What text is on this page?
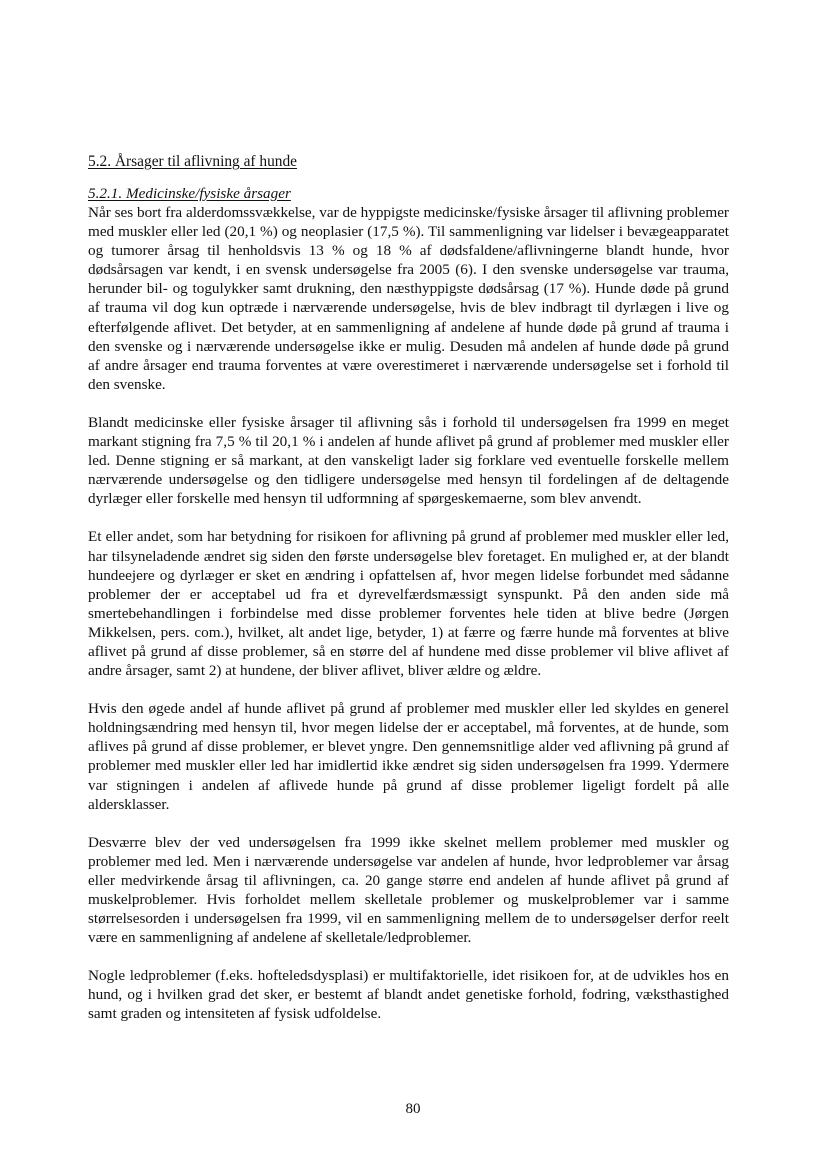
5.2. Årsager til aflivning af hunde
5.2.1. Medicinske/fysiske årsager

Når ses bort fra alderdomssvækkelse, var de hyppigste medicinske/fysiske årsager til aflivning problemer med muskler eller led (20,1 %) og neoplasier (17,5 %). Til sammenligning var lidelser i bevægeapparatet og tumorer årsag til henholdsvis 13 % og 18 % af dødsfaldene/aflivningerne blandt hunde, hvor dødsårsagen var kendt, i en svensk undersøgelse fra 2005 (6). I den svenske undersøgelse var trauma, herunder bil- og togulykker samt drukning, den næsthyppigste dødsårsag (17 %). Hunde døde på grund af trauma vil dog kun optræde i nærværende undersøgelse, hvis de blev indbragt til dyrlægen i live og efterfølgende aflivet. Det betyder, at en sammenligning af andelene af hunde døde på grund af trauma i den svenske og i nærværende undersøgelse ikke er mulig. Desuden må andelen af hunde døde på grund af andre årsager end trauma forventes at være overestimeret i nærværende undersøgelse set i forhold til den svenske.

Blandt medicinske eller fysiske årsager til aflivning sås i forhold til undersøgelsen fra 1999 en meget markant stigning fra 7,5 % til 20,1 % i andelen af hunde aflivet på grund af problemer med muskler eller led. Denne stigning er så markant, at den vanskeligt lader sig forklare ved eventuelle forskelle mellem nærværende undersøgelse og den tidligere undersøgelse med hensyn til fordelingen af de deltagende dyrlæger eller forskelle med hensyn til udformning af spørgeskemaerne, som blev anvendt.

Et eller andet, som har betydning for risikoen for aflivning på grund af problemer med muskler eller led, har tilsyneladende ændret sig siden den første undersøgelse blev foretaget. En mulighed er, at der blandt hundeejere og dyrlæger er sket en ændring i opfattelsen af, hvor megen lidelse forbundet med sådanne problemer der er acceptabel ud fra et dyrevelfærdsmæssigt synspunkt. På den anden side må smertebehandlingen i forbindelse med disse problemer forventes hele tiden at blive bedre (Jørgen Mikkelsen, pers. com.), hvilket, alt andet lige, betyder, 1) at færre og færre hunde må forventes at blive aflivet på grund af disse problemer, så en større del af hundene med disse problemer vil blive aflivet af andre årsager, samt 2) at hundene, der bliver aflivet, bliver ældre og ældre.

Hvis den øgede andel af hunde aflivet på grund af problemer med muskler eller led skyldes en generel holdningsændring med hensyn til, hvor megen lidelse der er acceptabel, må forventes, at de hunde, som aflives på grund af disse problemer, er blevet yngre. Den gennemsnitlige alder ved aflivning på grund af problemer med muskler eller led har imidlertid ikke ændret sig siden undersøgelsen fra 1999. Ydermere var stigningen i andelen af aflivede hunde på grund af disse problemer ligeligt fordelt på alle aldersklasser.

Desværre blev der ved undersøgelsen fra 1999 ikke skelnet mellem problemer med muskler og problemer med led. Men i nærværende undersøgelse var andelen af hunde, hvor ledproblemer var årsag eller medvirkende årsag til aflivningen, ca. 20 gange større end andelen af hunde aflivet på grund af muskelproblemer. Hvis forholdet mellem skelletale problemer og muskelproblemer var i samme størrelsesorden i undersøgelsen fra 1999, vil en sammenligning mellem de to undersøgelser derfor reelt være en sammenligning af andelene af skelletale/ledproblemer.

Nogle ledproblemer (f.eks. hofteledsdysplasi) er multifaktorielle, idet risikoen for, at de udvikles hos en hund, og i hvilken grad det sker, er bestemt af blandt andet genetiske forhold, fodring, væksthastighed samt graden og intensiteten af fysisk udfoldelse.

80
